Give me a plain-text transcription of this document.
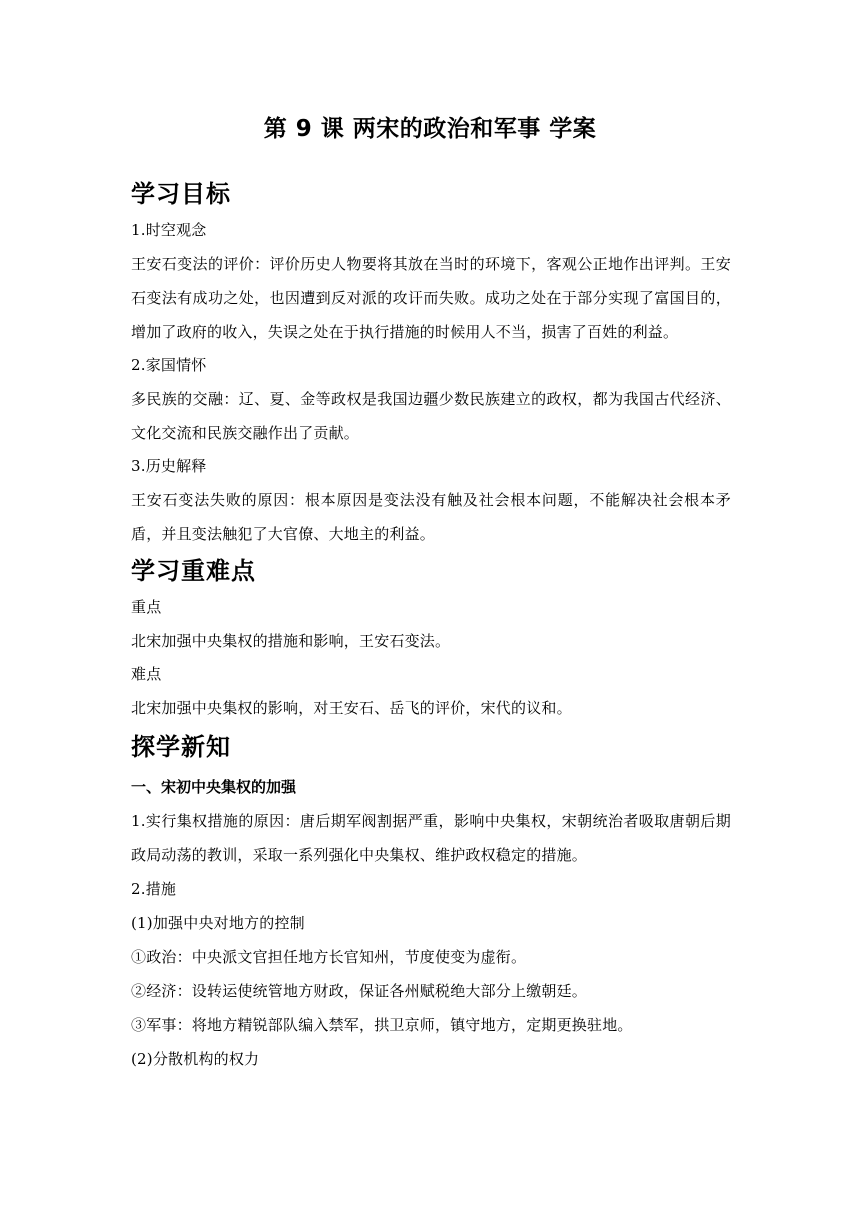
第 9 课 两宋的政治和军事 学案
学习目标

1.时空观念

王安石变法的评价：评价历史人物要将其放在当时的环境下，客观公正地作出评判。王安石变法有成功之处，也因遭到反对派的攻讦而失败。成功之处在于部分实现了富国目的，增加了政府的收入，失误之处在于执行措施的时候用人不当，损害了百姓的利益。

2.家国情怀

多民族的交融：辽、夏、金等政权是我国边疆少数民族建立的政权，都为我国古代经济、文化交流和民族交融作出了贡献。

3.历史解释

王安石变法失败的原因：根本原因是变法没有触及社会根本问题，不能解决社会根本矛盾，并且变法触犯了大官僚、大地主的利益。

学习重难点

重点

北宋加强中央集权的措施和影响，王安石变法。

难点

北宋加强中央集权的影响，对王安石、岳飞的评价，宋代的议和。

探学新知
一、宋初中央集权的加强

1.实行集权措施的原因：唐后期军阀割据严重，影响中央集权，宋朝统治者吸取唐朝后期政局动荡的教训，采取一系列强化中央集权、维护政权稳定的措施。

2.措施

(1)加强中央对地方的控制

①政治：中央派文官担任地方长官知州，节度使变为虚衔。

②经济：设转运使统管地方财政，保证各州赋税绝大部分上缴朝廷。

③军事：将地方精锐部队编入禁军，拱卫京师，镇守地方，定期更换驻地。

(2)分散机构的权力
